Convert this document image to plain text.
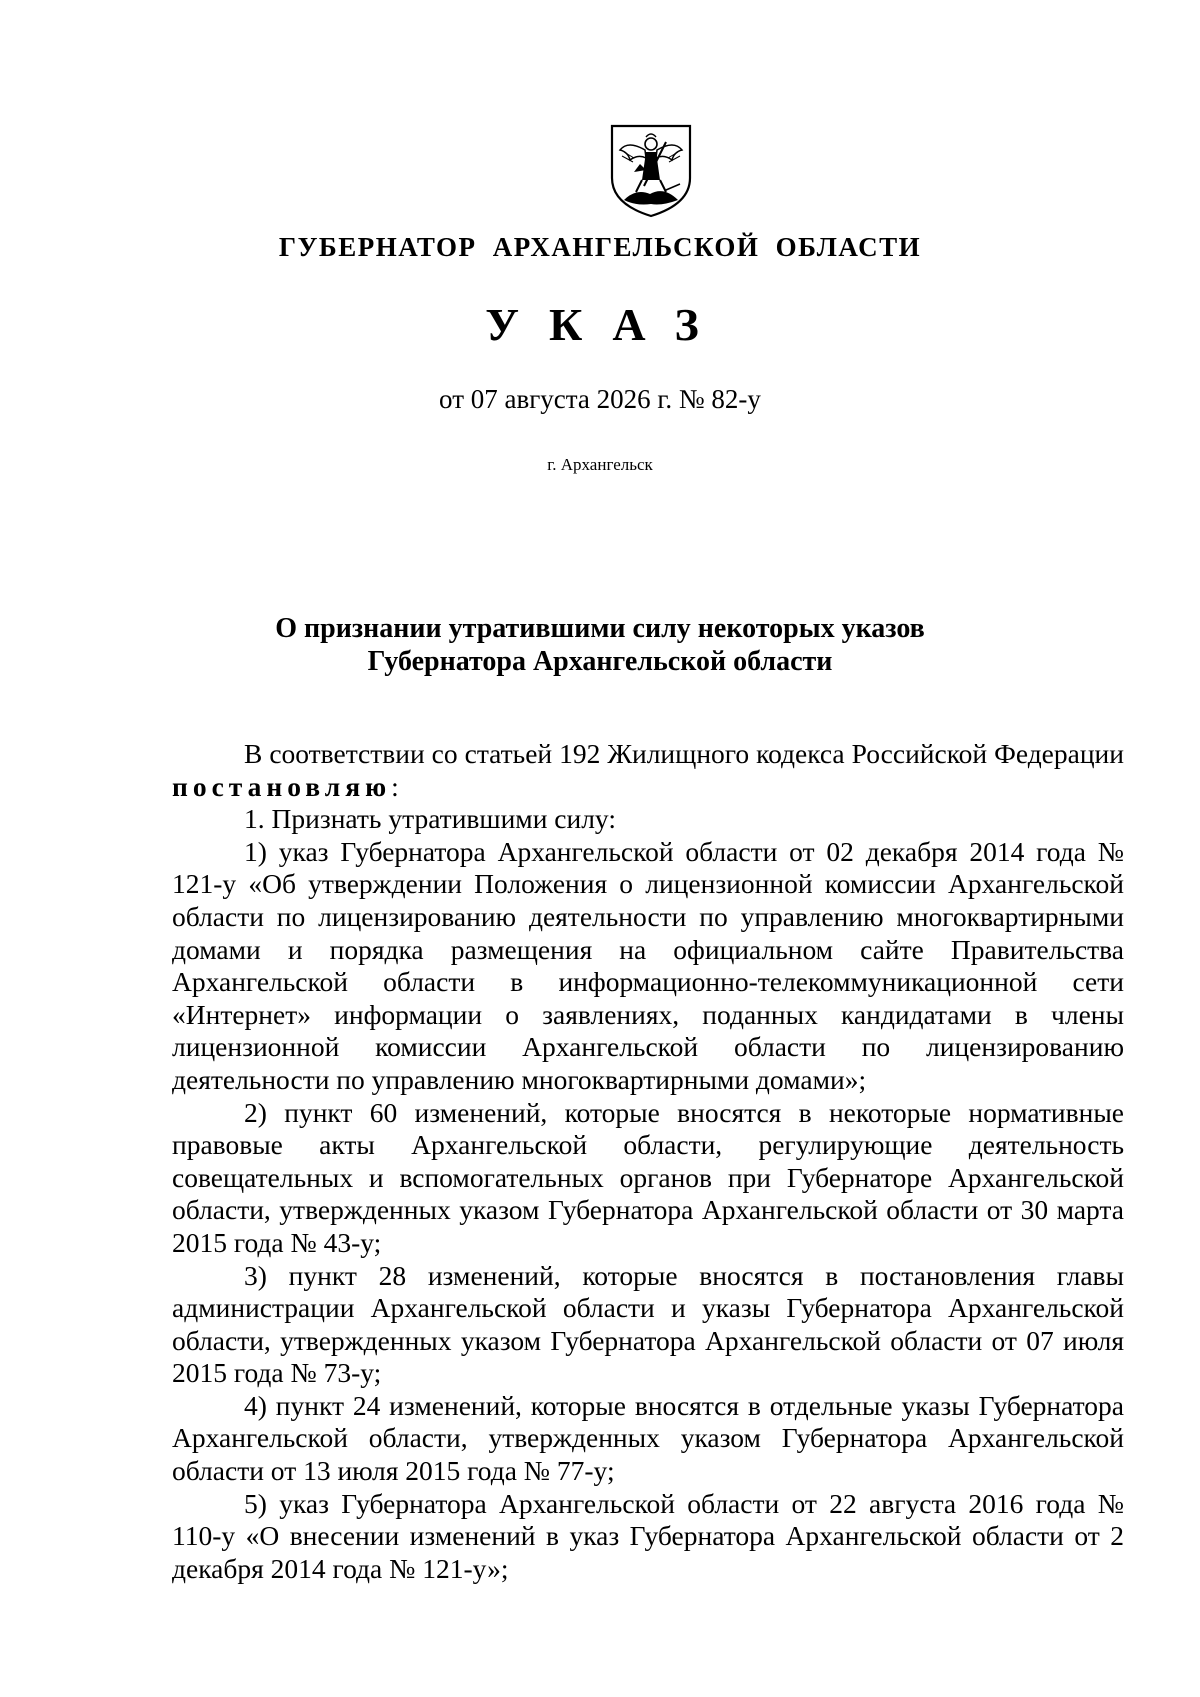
ГУБЕРНАТОР АРХАНГЕЛЬСКОЙ ОБЛАСТИ
УКАЗ
от 07 августа 2026 г. № 82-у
г. Архангельск
О признании утратившими силу некоторых указов
Губернатора Архангельской области

В соответствии со статьей 192 Жилищного кодекса Российской Федерации постановляю:

1. Признать утратившими силу:

1) указ Губернатора Архангельской области от 02 декабря 2014 года № 121-у «Об утверждении Положения о лицензионной комиссии Архангельской области по лицензированию деятельности по управлению многоквартирными домами и порядка размещения на официальном сайте Правительства Архангельской области в информационно-телекоммуникационной сети «Интернет» информации о заявлениях, поданных кандидатами в члены лицензионной комиссии Архангельской области по лицензированию деятельности по управлению многоквартирными домами»;

2) пункт 60 изменений, которые вносятся в некоторые нормативные правовые акты Архангельской области, регулирующие деятельность совещательных и вспомогательных органов при Губернаторе Архангельской области, утвержденных указом Губернатора Архангельской области от 30 марта 2015 года № 43-у;

3) пункт 28 изменений, которые вносятся в постановления главы администрации Архангельской области и указы Губернатора Архангельской области, утвержденных указом Губернатора Архангельской области от 07 июля 2015 года № 73-у;

4) пункт 24 изменений, которые вносятся в отдельные указы Губернатора Архангельской области, утвержденных указом Губернатора Архангельской области от 13 июля 2015 года № 77-у;

5) указ Губернатора Архангельской области от 22 августа 2016 года № 110-у «О внесении изменений в указ Губернатора Архангельской области от 2 декабря 2014 года № 121-у»;
